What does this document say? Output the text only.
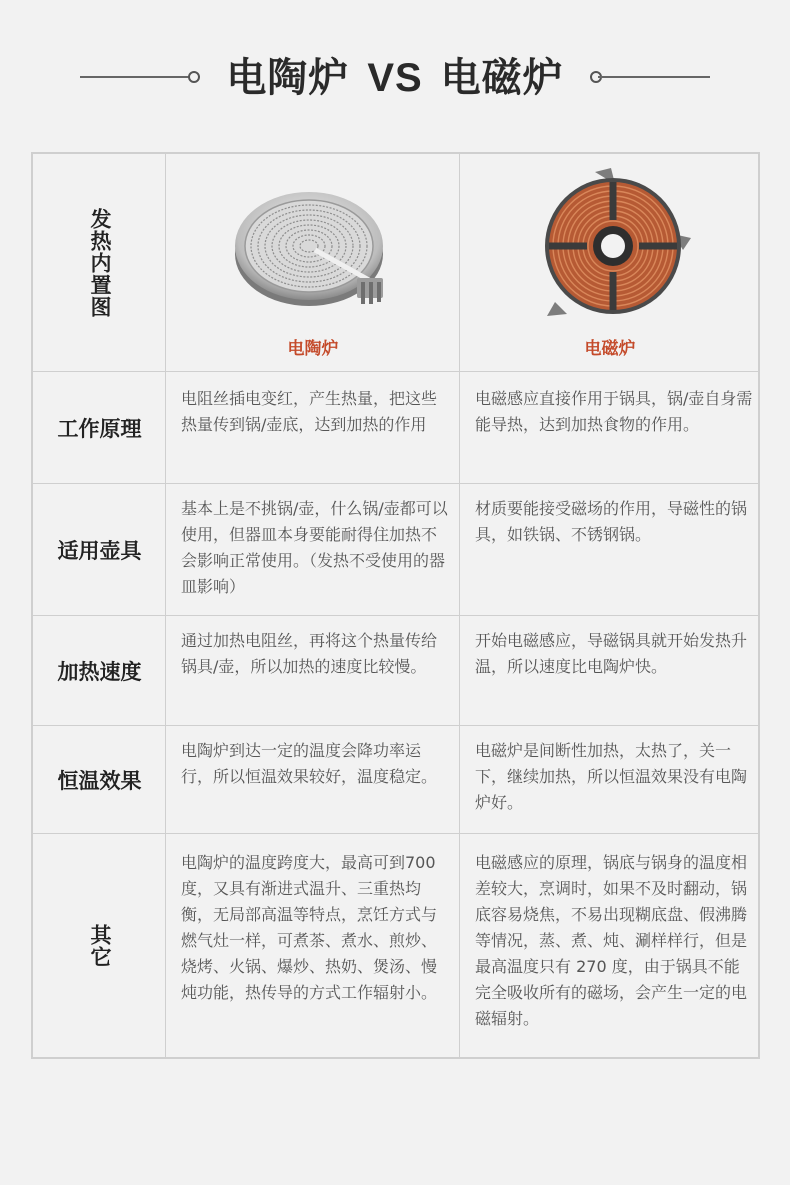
电陶炉 VS 电磁炉
发热内置图
电陶炉	电磁炉
工作原理
电阻丝插电变红，产生热量，把这些热量传到锅/壶底，达到加热的作用
电磁感应直接作用于锅具，锅/壶自身需能导热，达到加热食物的作用。
适用壶具
基本上是不挑锅/壶，什么锅/壶都可以使用，但器皿本身要能耐得住加热不会影响正常使用。（发热不受使用的器皿影响）
材质要能接受磁场的作用，导磁性的锅具，如铁锅、不锈钢锅。
加热速度
通过加热电阻丝，再将这个热量传给锅具/壶，所以加热的速度比较慢。
开始电磁感应，导磁锅具就开始发热升温，所以速度比电陶炉快。
恒温效果
电陶炉到达一定的温度会降功率运行，所以恒温效果较好，温度稳定。
电磁炉是间断性加热，太热了，关一下，继续加热，所以恒温效果没有电陶炉好。
其它
电陶炉的温度跨度大，最高可到700 度，又具有渐进式温升、三重热均衡，无局部高温等特点，烹饪方式与燃气灶一样，可煮茶、煮水、煎炒、烧烤、火锅、爆炒、热奶、煲汤、慢炖功能，热传导的方式工作辐射小。
电磁感应的原理，锅底与锅身的温度相差较大，烹调时，如果不及时翻动，锅底容易烧焦，不易出现糊底盘、假沸腾等情况，蒸、煮、炖、涮样样行，但是最高温度只有 270 度，由于锅具不能完全吸收所有的磁场，会产生一定的电磁辐射。
